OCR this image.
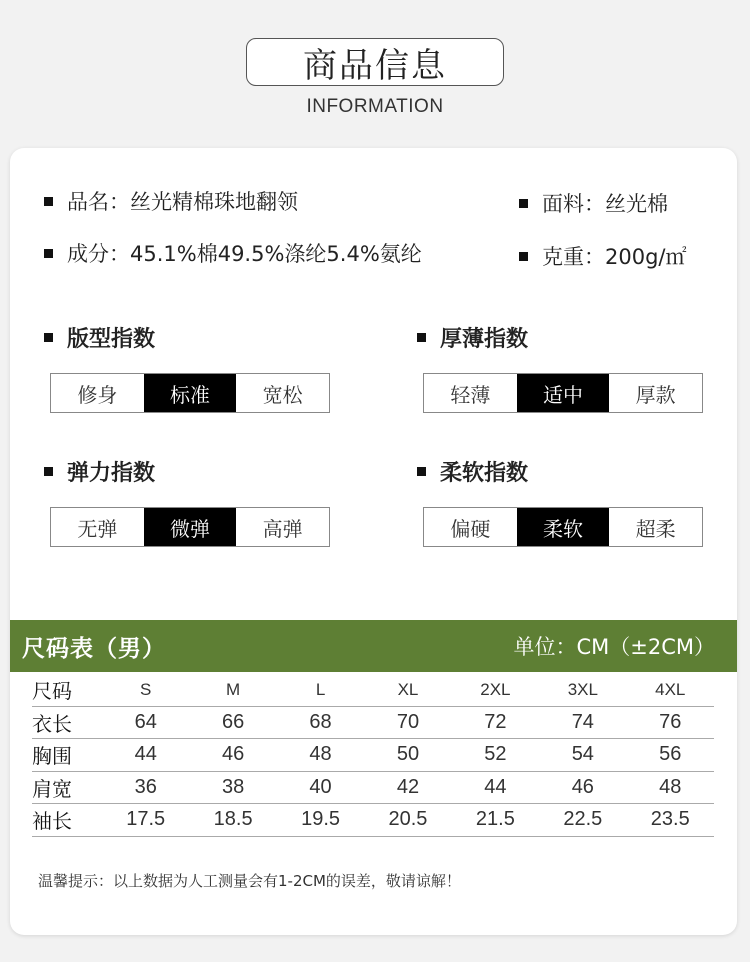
商品信息
INFORMATION
品名：丝光精棉珠地翻领
成分：45.1%棉49.5%涤纶5.4%氨纶
面料：丝光棉
克重：200g/㎡
版型指数
修身	标准	宽松
厚薄指数
轻薄	适中	厚款
弹力指数
无弹	微弹	高弹
柔软指数
偏硬	柔软	超柔
尺码表（男）	单位：CM（±2CM）
尺码	S	M	L	XL	2XL	3XL	4XL
衣长	64	66	68	70	72	74	76
胸围	44	46	48	50	52	54	56
肩宽	36	38	40	42	44	46	48
袖长	17.5	18.5	19.5	20.5	21.5	22.5	23.5
温馨提示：以上数据为人工测量会有1-2CM的误差，敬请谅解！
